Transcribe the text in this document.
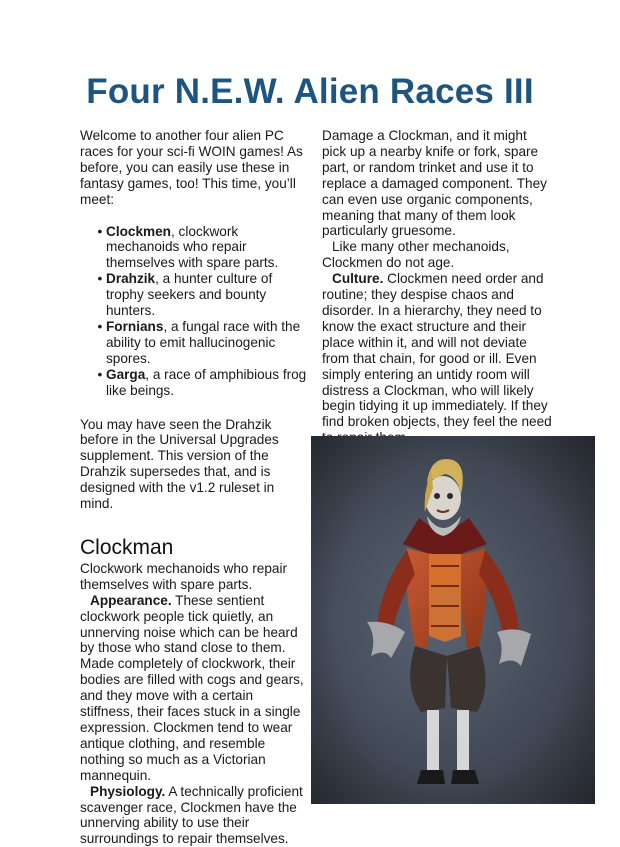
Four N.E.W. Alien Races III

Welcome to another four alien PC races for your sci-fi WOIN games! As before, you can easily use these in fantasy games, too! This time, you’ll meet:

• Clockmen, clockwork mechanoids who repair themselves with spare parts.
• Drahzik, a hunter culture of trophy seekers and bounty hunters.
• Fornians, a fungal race with the ability to emit hallucinogenic spores.
• Garga, a race of amphibious frog like beings.

You may have seen the Drahzik before in the Universal Upgrades supplement. This version of the Drahzik supersedes that, and is designed with the v1.2 ruleset in mind.

Clockman

Clockwork mechanoids who repair themselves with spare parts.

Appearance. These sentient clockwork people tick quietly, an unnerving noise which can be heard by those who stand close to them. Made completely of clockwork, their bodies are filled with cogs and gears, and they move with a certain stiffness, their faces stuck in a single expression. Clockmen tend to wear antique clothing, and resemble nothing so much as a Victorian mannequin.

Physiology. A technically proficient scavenger race, Clockmen have the unnerving ability to use their surroundings to repair themselves.

Damage a Clockman, and it might pick up a nearby knife or fork, spare part, or random trinket and use it to replace a damaged component. They can even use organic components, meaning that many of them look particularly gruesome.

Like many other mechanoids, Clockmen do not age.

Culture. Clockmen need order and routine; they despise chaos and disorder. In a hierarchy, they need to know the exact structure and their place within it, and will not deviate from that chain, for good or ill. Even simply entering an untidy room will distress a Clockman, who will likely begin tidying it up immediately. If they find broken objects, they feel the need
